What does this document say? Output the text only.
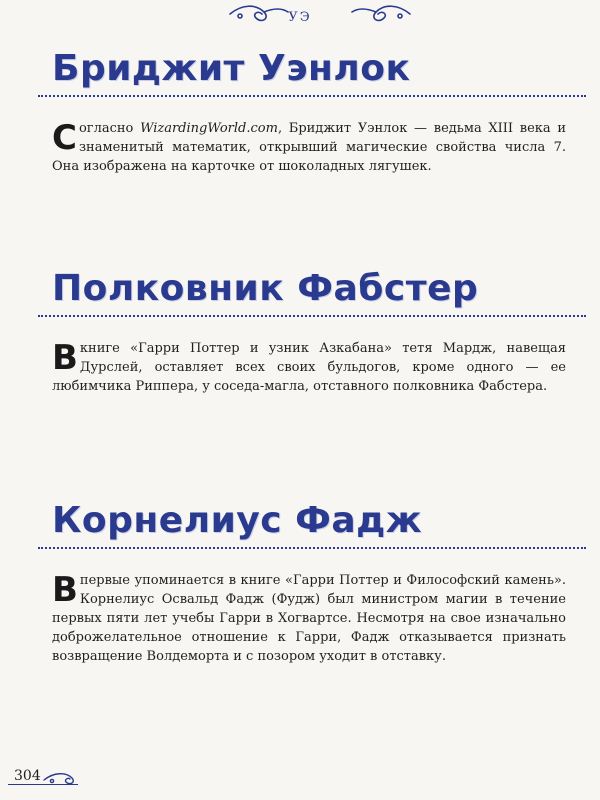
УЭ
Бриджит Уэнлок

Согласно WizardingWorld.com, Бриджит Уэнлок — ведьма XIII века и знаменитый математик, открывший магические свойства числа 7. Она изображена на карточке от шоколадных лягушек.

Полковник Фабстер

В книге «Гарри Поттер и узник Азкабана» тетя Мардж, навещая Дурслей, оставляет всех своих бульдогов, кроме одного — ее любимчика Риппера, у соседа-магла, отставного полковника Фабстера.

Корнелиус Фадж

Впервые упоминается в книге «Гарри Поттер и Философский камень». Корнелиус Освальд Фадж (Фудж) был министром магии в течение первых пяти лет учебы Гарри в Хогвартсе. Несмотря на свое изначально доброжелательное отношение к Гарри, Фадж отказывается признать возвращение Волдеморта и с позором уходит в отставку.

304
